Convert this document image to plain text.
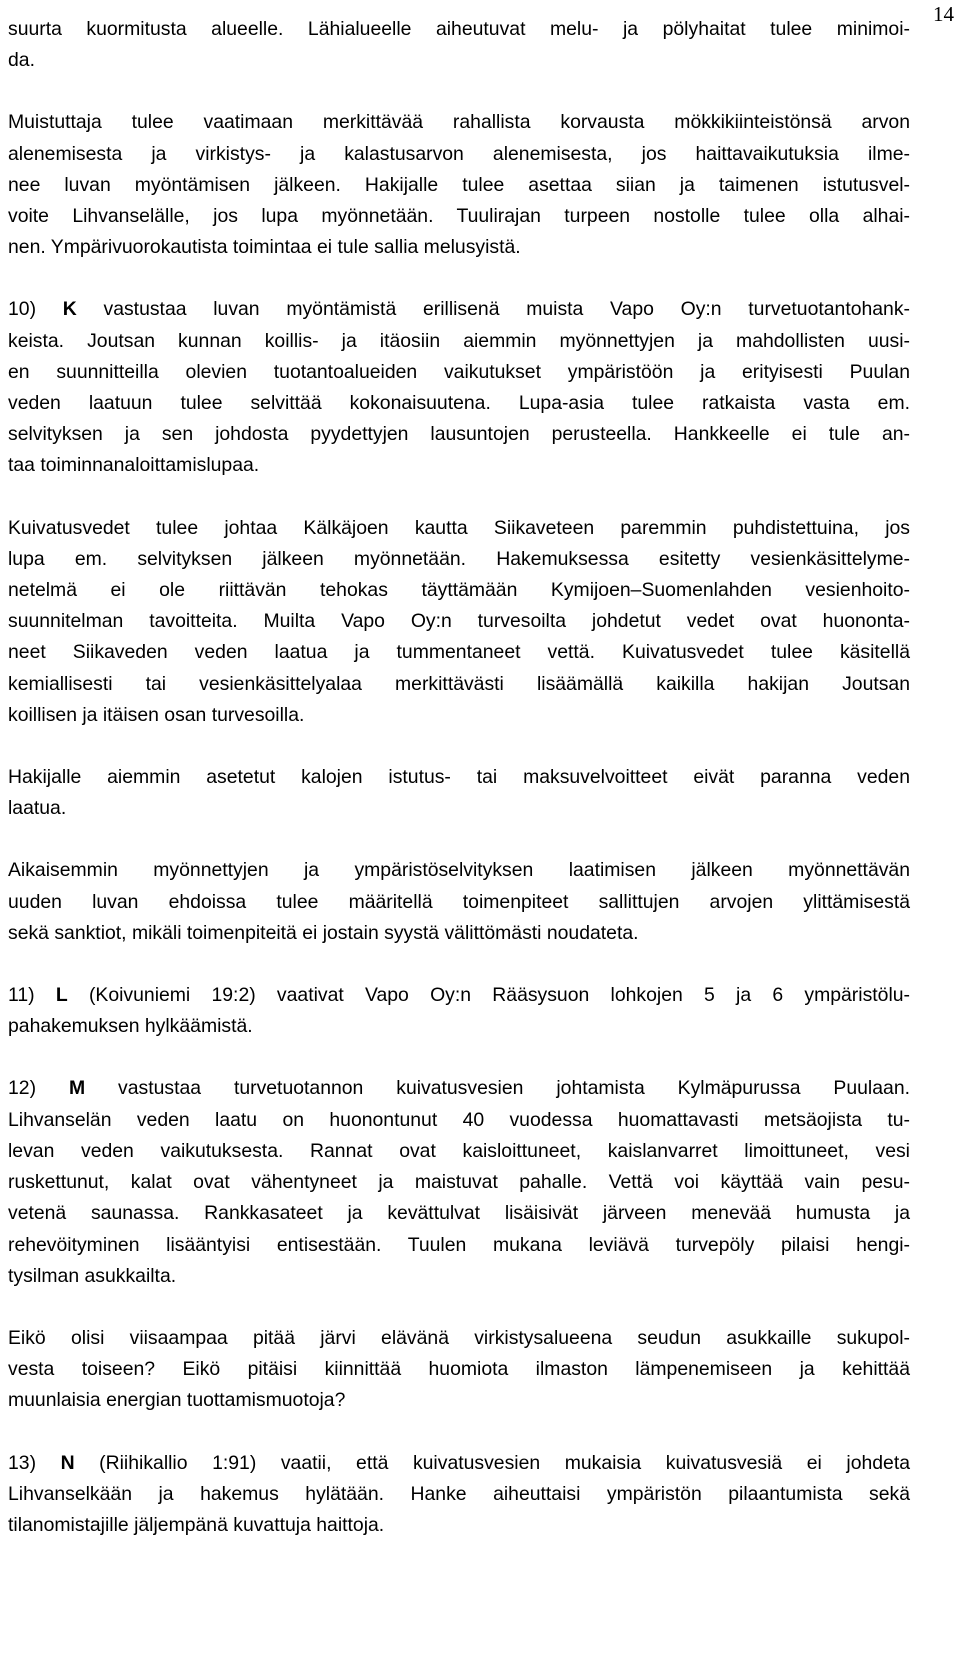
14
suurta kuormitusta alueelle. Lähialueelle aiheutuvat melu- ja pölyhaitat tulee minimoi-
da.
Muistuttaja tulee vaatimaan merkittävää rahallista korvausta mökkikiinteistönsä arvon
alenemisesta ja virkistys- ja kalastusarvon alenemisesta, jos haittavaikutuksia ilme-
nee luvan myöntämisen jälkeen. Hakijalle tulee asettaa siian ja taimenen istutusvel-
voite Lihvanselälle, jos lupa myönnetään. Tuulirajan turpeen nostolle tulee olla alhai-
nen. Ympärivuorokautista toimintaa ei tule sallia melusyistä.
10) K vastustaa luvan myöntämistä erillisenä muista Vapo Oy:n turvetuotantohank-
keista. Joutsan kunnan koillis- ja itäosiin aiemmin myönnettyjen ja mahdollisten uusi-
en suunnitteilla olevien tuotantoalueiden vaikutukset ympäristöön ja erityisesti Puulan
veden laatuun tulee selvittää kokonaisuutena. Lupa-asia tulee ratkaista vasta em.
selvityksen ja sen johdosta pyydettyjen lausuntojen perusteella. Hankkeelle ei tule an-
taa toiminnanaloittamislupaa.
Kuivatusvedet tulee johtaa Kälkäjoen kautta Siikaveteen paremmin puhdistettuina, jos
lupa em. selvityksen jälkeen myönnetään. Hakemuksessa esitetty vesienkäsittelyme-
netelmä ei ole riittävän tehokas täyttämään Kymijoen–Suomenlahden vesienhoito-
suunnitelman tavoitteita. Muilta Vapo Oy:n turvesoilta johdetut vedet ovat huononta-
neet Siikaveden veden laatua ja tummentaneet vettä. Kuivatusvedet tulee käsitellä
kemiallisesti tai vesienkäsittelyalaa merkittävästi lisäämällä kaikilla hakijan Joutsan
koillisen ja itäisen osan turvesoilla.
Hakijalle aiemmin asetetut kalojen istutus- tai maksuvelvoitteet eivät paranna veden
laatua.
Aikaisemmin myönnettyjen ja ympäristöselvityksen laatimisen jälkeen myönnettävän
uuden luvan ehdoissa tulee määritellä toimenpiteet sallittujen arvojen ylittämisestä
sekä sanktiot, mikäli toimenpiteitä ei jostain syystä välittömästi noudateta.
11) L (Koivuniemi 19:2) vaativat Vapo Oy:n Rääsysuon lohkojen 5 ja 6 ympäristölu-
pahakemuksen hylkäämistä.
12) M vastustaa turvetuotannon kuivatusvesien johtamista Kylmäpurussa Puulaan.
Lihvanselän veden laatu on huonontunut 40 vuodessa huomattavasti metsäojista tu-
levan veden vaikutuksesta. Rannat ovat kaisloittuneet, kaislanvarret limoittuneet, vesi
ruskettunut, kalat ovat vähentyneet ja maistuvat pahalle. Vettä voi käyttää vain pesu-
vetenä saunassa. Rankkasateet ja kevättulvat lisäisivät järveen menevää humusta ja
rehevöityminen lisääntyisi entisestään. Tuulen mukana leviävä turvepöly pilaisi hengi-
tysilman asukkailta.
Eikö olisi viisaampaa pitää järvi elävänä virkistysalueena seudun asukkaille sukupol-
vesta toiseen? Eikö pitäisi kiinnittää huomiota ilmaston lämpenemiseen ja kehittää
muunlaisia energian tuottamismuotoja?
13) N (Riihikallio 1:91) vaatii, että kuivatusvesien mukaisia kuivatusvesiä ei johdeta
Lihvanselkään ja hakemus hylätään. Hanke aiheuttaisi ympäristön pilaantumista sekä
tilanomistajille jäljempänä kuvattuja haittoja.
